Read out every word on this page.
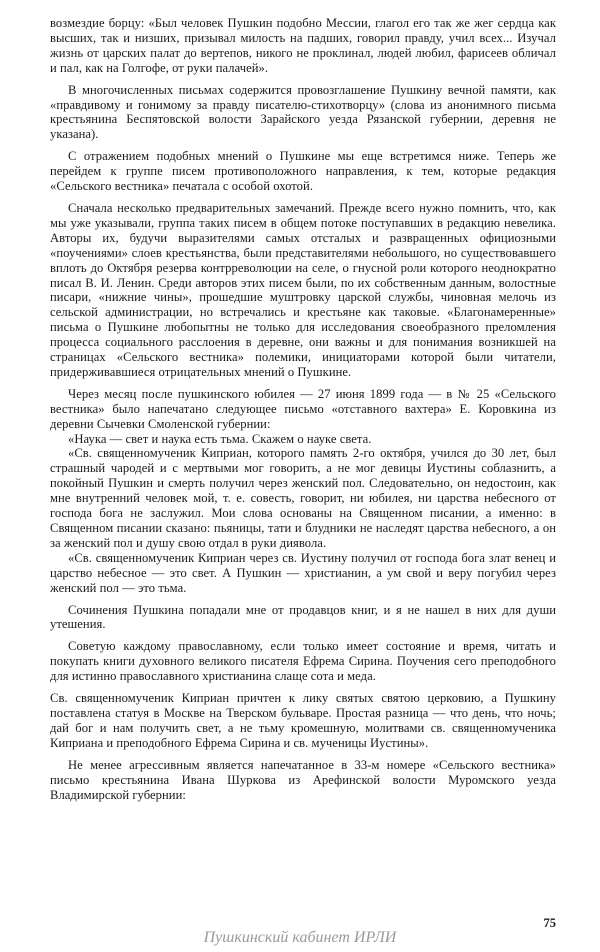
возмездие борцу: «Был человек Пушкин подобно Мессии, глагол его так же жег сердца как высших, так и низших, призывал милость на падших, говорил правду, учил всех... Изучал жизнь от царских палат до вертепов, никого не проклинал, людей любил, фарисеев обличал и пал, как на Голгофе, от руки палачей».

В многочисленных письмах содержится провозглашение Пушкину вечной памяти, как «правдивому и гонимому за правду писателю-стихотворцу» (слова из анонимного письма крестьянина Беспятовской волости Зарайского уезда Рязанской губернии, деревня не указана).

С отражением подобных мнений о Пушкине мы еще встретимся ниже. Теперь же перейдем к группе писем противоположного направления, к тем, которые редакция «Сельского вестника» печатала с особой охотой.

Сначала несколько предварительных замечаний. Прежде всего нужно помнить, что, как мы уже указывали, группа таких писем в общем потоке поступавших в редакцию невелика. Авторы их, будучи выразителями самых отсталых и развращенных официозными «поучениями» слоев крестьянства, были представителями небольшого, но существовавшего вплоть до Октября резерва контрреволюции на селе, о гнусной роли которого неоднократно писал В. И. Ленин. Среди авторов этих писем были, по их собственным данным, волостные писари, «нижние чины», прошедшие муштровку царской службы, чиновная мелочь из сельской администрации, но встречались и крестьяне как таковые. «Благонамеренные» письма о Пушкине любопытны не только для исследования своеобразного преломления процесса социального расслоения в деревне, они важны и для понимания возникшей на страницах «Сельского вестника» полемики, инициаторами которой были читатели, придерживавшиеся отрицательных мнений о Пушкине.

Через месяц после пушкинского юбилея — 27 июня 1899 года — в № 25 «Сельского вестника» было напечатано следующее письмо «отставного вахтера» Е. Коровкина из деревни Сычевки Смоленской губернии:

«Наука — свет и наука есть тьма. Скажем о науке света.

«Св. священномученик Киприан, которого память 2-го октября, учился до 30 лет, был страшный чародей и с мертвыми мог говорить, а не мог девицы Иустины соблазнить, а покойный Пушкин и смерть получил через женский пол. Следовательно, он недостоин, как мне внутренний человек мой, т. е. совесть, говорит, ни юбилея, ни царства небесного от господа бога не заслужил. Мои слова основаны на Священном писании, а именно: в Священном писании сказано: пьяницы, тати и блудники не наследят царства небесного, а он за женский пол и душу свою отдал в руки диявола.

«Св. священномученик Киприан через св. Иустину получил от господа бога злат венец и царство небесное — это свет. А Пушкин — христианин, а ум свой и веру погубил через женский пол — это тьма.

Сочинения Пушкина попадали мне от продавцов книг, и я не нашел в них для души утешения.

Советую каждому православному, если только имеет состояние и время, читать и покупать книги духовного великого писателя Ефрема Сирина. Поучения сего преподобного для истинно православного христианина слаще сота и меда.

Св. священномученик Киприан причтен к лику святых святою церковию, а Пушкину поставлена статуя в Москве на Тверском бульваре. Простая разница — что день, что ночь; дай бог и нам получить свет, а не тьму кромешную, молитвами св. священномученика Киприана и преподобного Ефрема Сирина и св. мученицы Иустины».

Не менее агрессивным является напечатанное в 33-м номере «Сельского вестника» письмо крестьянина Ивана Шуркова из Арефинской волости Муромского уезда Владимирской губернии:

75
Пушкинский кабинет ИРЛИ
